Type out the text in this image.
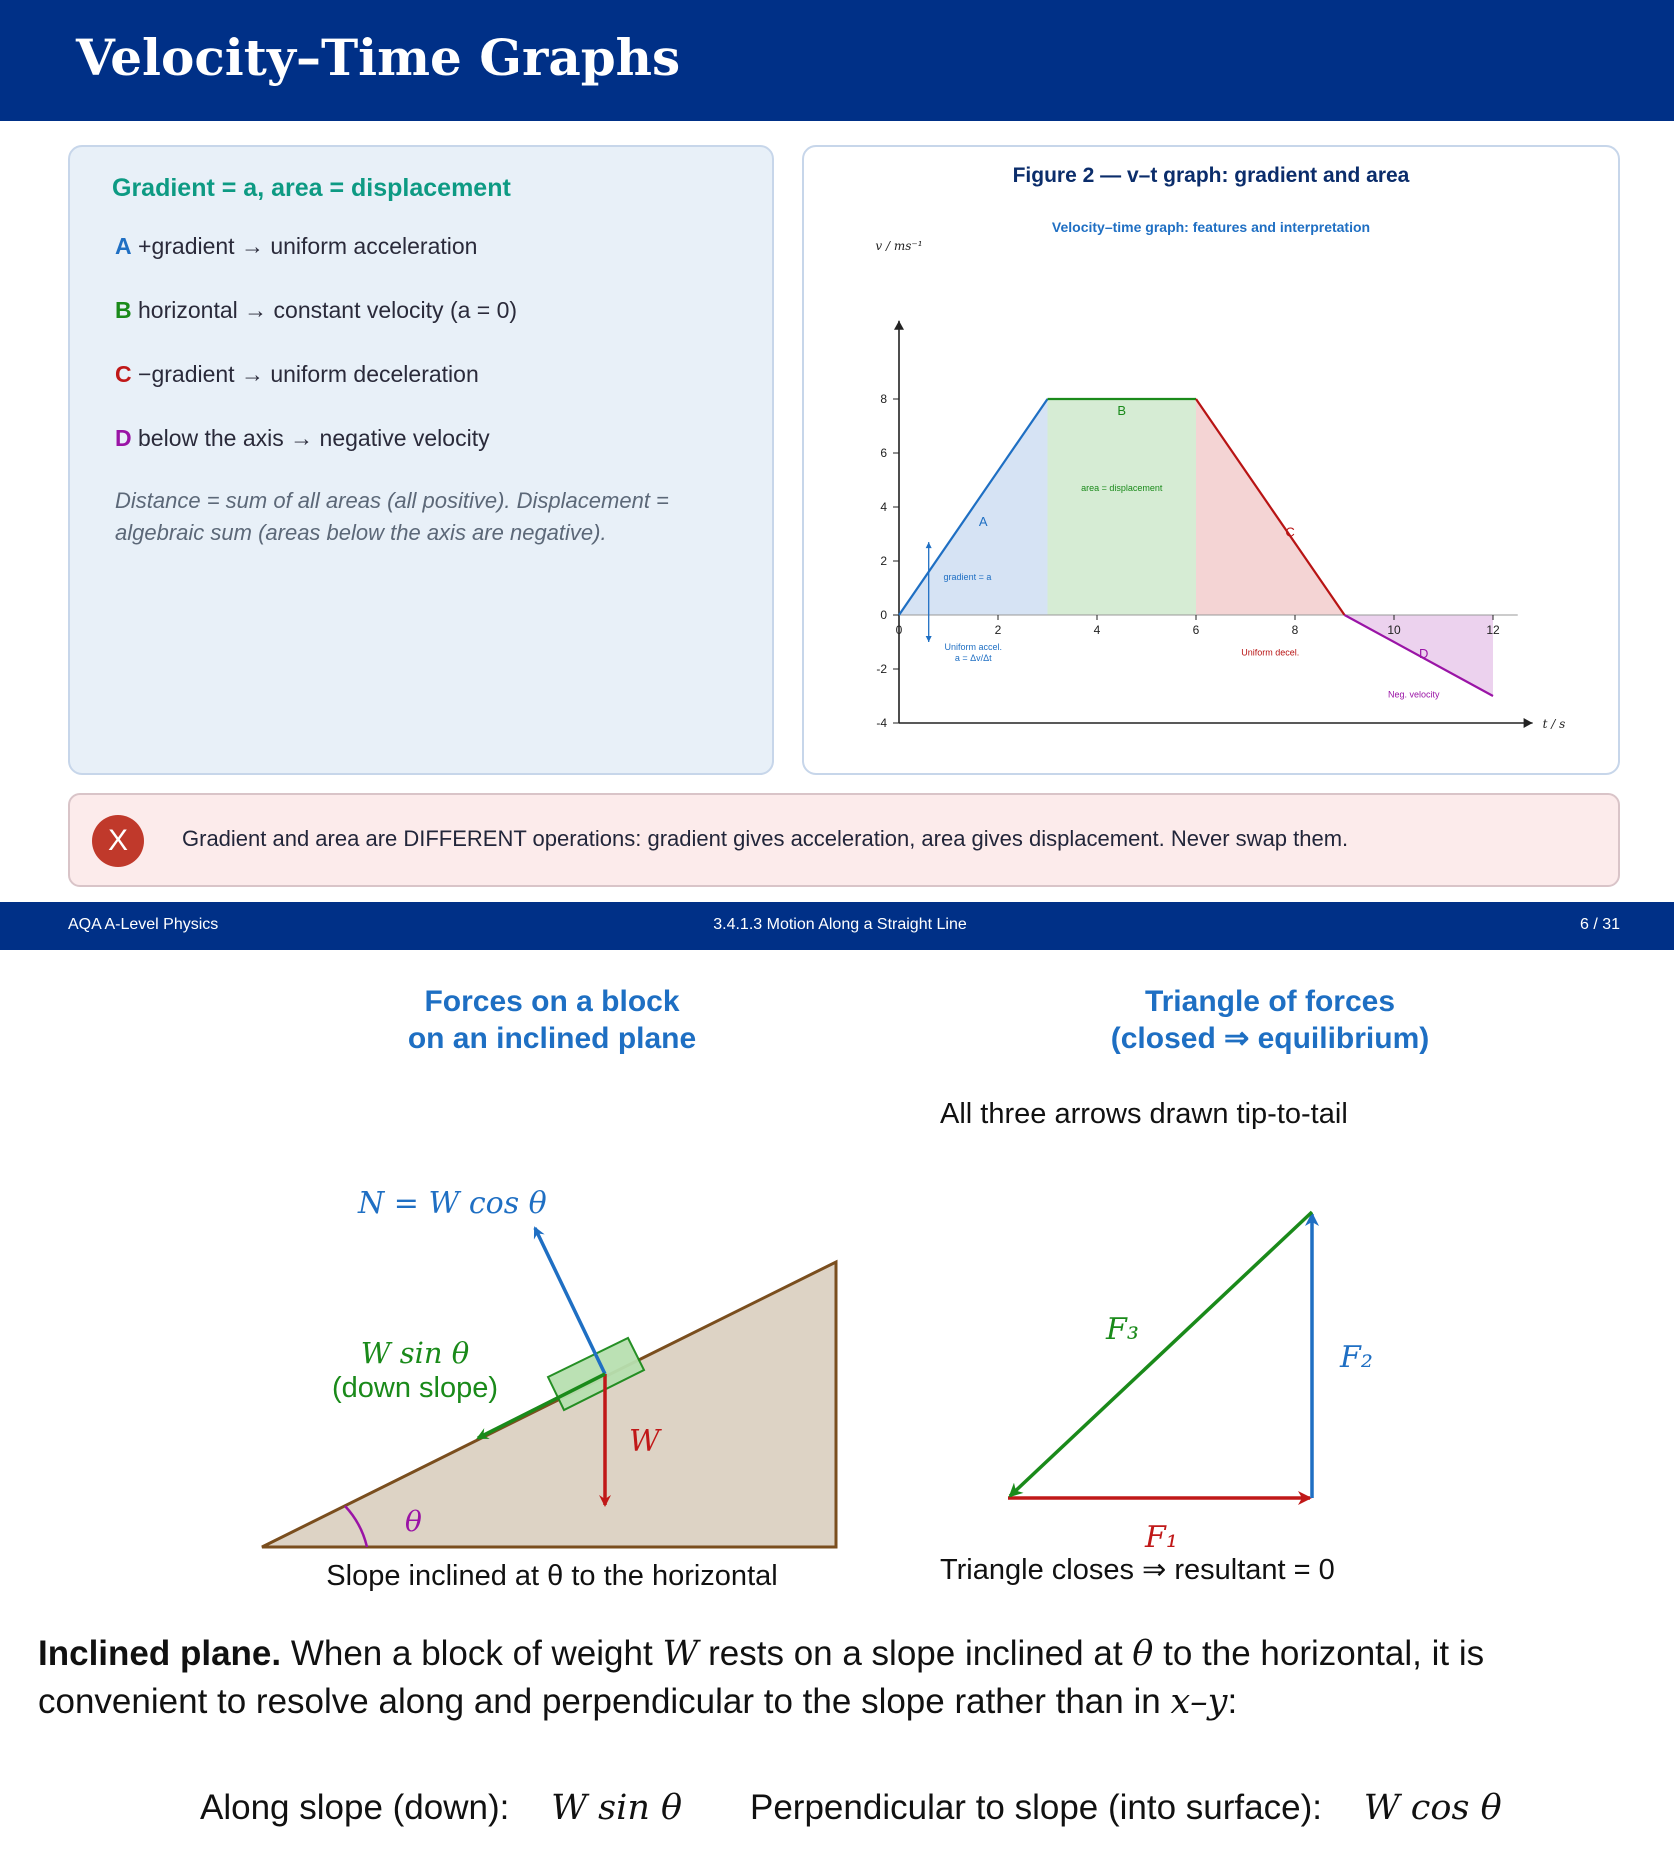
Velocity–Time Graphs
Gradient = a, area = displacement
A +gradient → uniform acceleration
B horizontal → constant velocity (a = 0)
C −gradient → uniform deceleration
D below the axis → negative velocity
Distance = sum of all areas (all positive). Displacement = algebraic sum (areas below the axis are negative).
Figure 2 — v–t graph: gradient and area
Velocity–time graph: features and interpretation
-4
-2
0
2
4
6
8
0	2	4	6	8	10	12
v / ms⁻¹
t / s
A
B
C
D
gradient = a
area = displacement
Uniform accel.
a = Δv/Δt
Uniform decel.
Neg. velocity
X	Gradient and area are DIFFERENT operations: gradient gives acceleration, area gives displacement. Never swap them.
AQA A-Level Physics	3.4.1.3 Motion Along a Straight Line	6 / 31
Forces on a block
on an inclined plane
N = W cos θ
W sin θ
(down slope)
W
θ
Slope inclined at θ to the horizontal
Triangle of forces
(closed ⇒ equilibrium)
All three arrows drawn tip-to-tail
F₃
F₂
F₁
Triangle closes ⇒ resultant = 0
Inclined plane. When a block of weight W rests on a slope inclined at θ to the horizontal, it is convenient to resolve along and perpendicular to the slope rather than in x–y:
Along slope (down): W sin θ Perpendicular to slope (into surface): W cos θ
